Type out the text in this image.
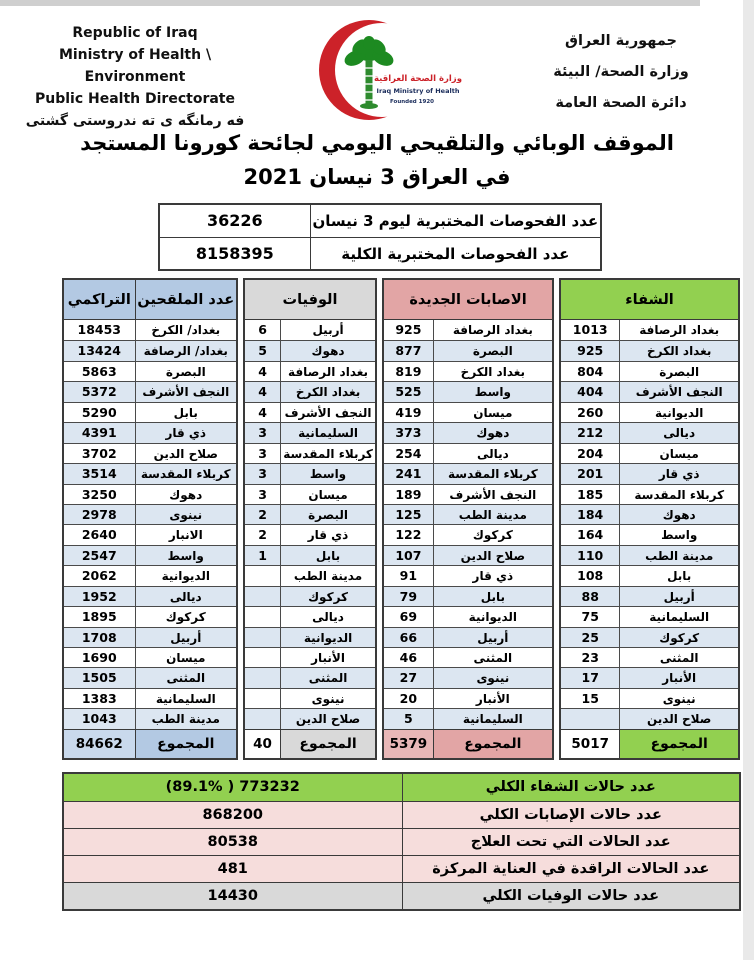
Republic of Iraq
Ministry of Health \ Environment
Public Health Directorate
فه رمانگه ى ته ندروستى گشتى
وزارة الصحة العراقية
Iraq Ministry of Health
Founded 1920
جمهورية العراق
وزارة الصحة/ البيئة
دائرة الصحة العامة
الموقف الوبائي والتلقيحي اليومي لجائحة كورونا المستجد
في العراق 3 نيسان 2021
عدد الفحوصات المختبرية ليوم 3 نيسان
36226
عدد الفحوصات المختبرية الكلية
8158395
الشفاء
بغداد الرصافة
1013
بغداد الكرخ
925
البصرة
804
النجف الأشرف
404
الديوانية
260
ديالى
212
ميسان
204
ذي قار
201
كربلاء المقدسة
185
دهوك
184
واسط
164
مدينة الطب
110
بابل
108
أربيل
88
السليمانية
75
كركوك
25
المثنى
23
الأنبار
17
نينوى
15
صلاح الدين
المجموع
5017
الاصابات الجديدة
بغداد الرصافة
925
البصرة
877
بغداد الكرخ
819
واسط
525
ميسان
419
دهوك
373
ديالى
254
كربلاء المقدسة
241
النجف الأشرف
189
مدينة الطب
125
كركوك
122
صلاح الدين
107
ذي قار
91
بابل
79
الديوانية
69
أربيل
66
المثنى
46
نينوى
27
الأنبار
20
السليمانية
5
المجموع
5379
الوفيات
أربيل
6
دهوك
5
بغداد الرصافة
4
بغداد الكرخ
4
النجف الأشرف
4
السليمانية
3
كربلاء المقدسة
3
واسط
3
ميسان
3
البصرة
2
ذي قار
2
بابل
1
مدينة الطب
كركوك
ديالى
الديوانية
الأنبار
المثنى
نينوى
صلاح الدين
المجموع
40
عدد الملقحين
التراكمي
بغداد/ الكرخ
18453
بغداد/ الرصافة
13424
البصرة
5863
النجف الأشرف
5372
بابل
5290
ذي قار
4391
صلاح الدين
3702
كربلاء المقدسة
3514
دهوك
3250
نينوى
2978
الانبار
2640
واسط
2547
الديوانية
2062
ديالى
1952
كركوك
1895
أربيل
1708
ميسان
1690
المثنى
1505
السليمانية
1383
مدينة الطب
1043
المجموع
84662
عدد حالات الشفاء الكلي
(89.1% ) 773232
عدد حالات الإصابات الكلي
868200
عدد الحالات التي تحت العلاج
80538
عدد الحالات الراقدة في العناية المركزة
481
عدد حالات الوفيات الكلي
14430
